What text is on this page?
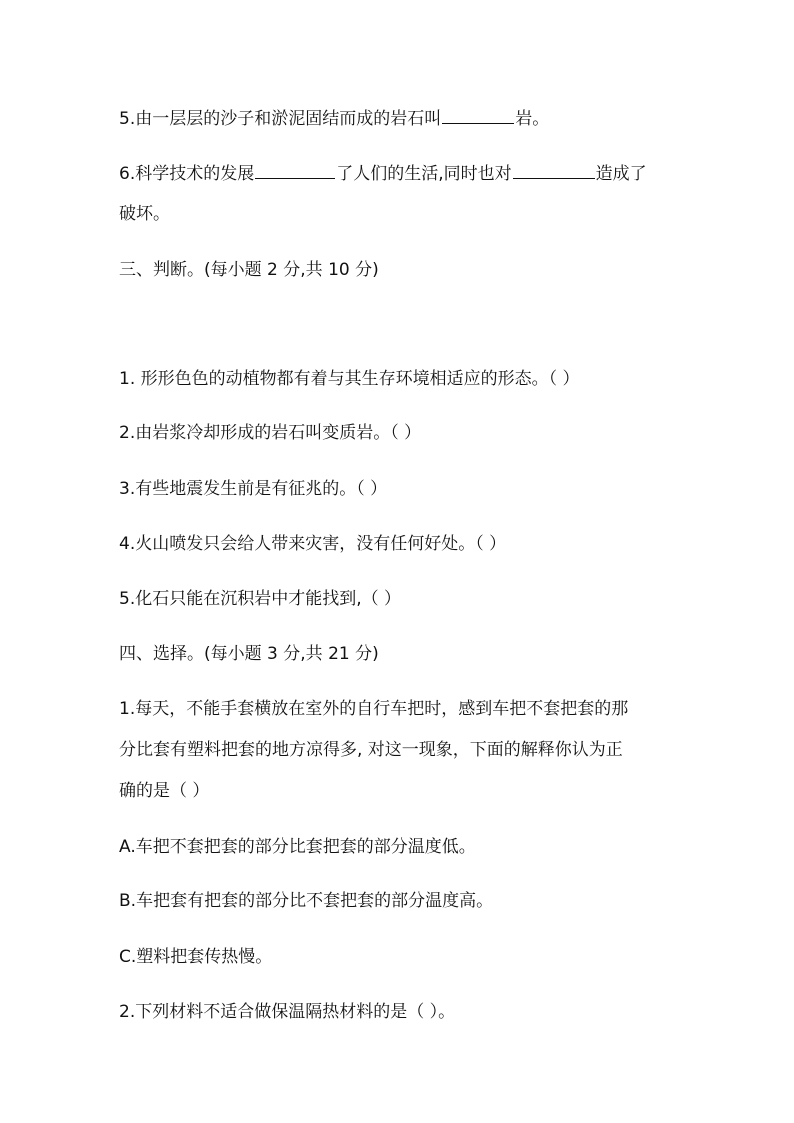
5.由一层层的沙子和淤泥固结而成的岩石叫	岩。
6.科学技术的发展	了人们的生活,同时也对	造成了
破坏。
三、判断。(每小题 2 分,共 10 分)
1. 形形色色的动植物都有着与其生存环境相适应的形态。（ ）
2.由岩浆冷却形成的岩石叫变质岩。（ ）
3.有些地震发生前是有征兆的。（ ）
4.火山喷发只会给人带来灾害，没有任何好处。（ ）
5.化石只能在沉积岩中才能找到,（ ）
四、选择。(每小题 3 分,共 21 分)
1.每天，不能手套横放在室外的自行车把时，感到车把不套把套的那
分比套有塑料把套的地方凉得多, 对这一现象，下面的解释你认为正
确的是（ ）
A.车把不套把套的部分比套把套的部分温度低。
B.车把套有把套的部分比不套把套的部分温度高。
C.塑料把套传热慢。
2.下列材料不适合做保温隔热材料的是（ ）。
